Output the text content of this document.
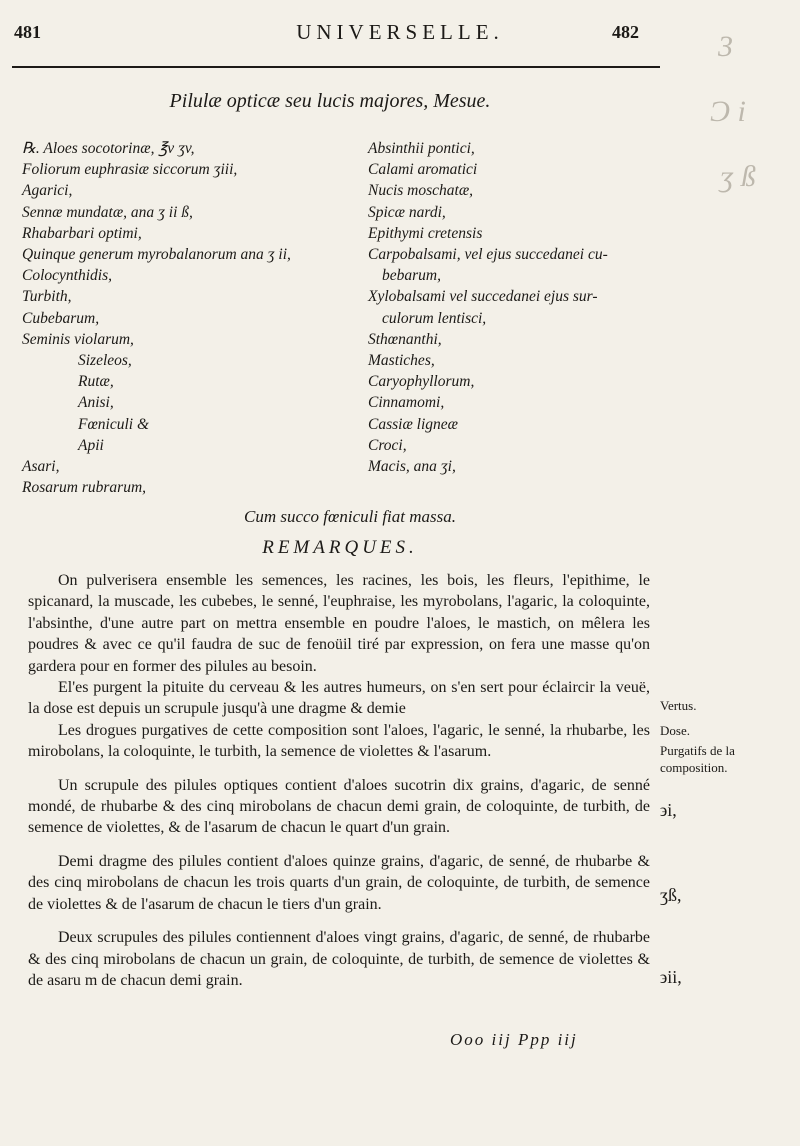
3
Ɔ i
ʒ ß
481	UNIVERSELLE.	482
Pilulæ opticæ seu lucis majores, Mesue.
℞. Aloes socotorinæ, ℥v ʒv,
Foliorum euphrasiæ siccorum ʒiii,
Agarici,
Sennæ mundatæ, ana ʒ ii ß,
Rhabarbari optimi,
Quinque generum myrobalanorum ana ʒ ii,
Colocynthidis,
Turbith,
Cubebarum,
Seminis violarum,
Sizeleos,
Rutæ,
Anisi,
Fœniculi &
Apii
Asari,
Rosarum rubrarum,
Absinthii pontici,
Calami aromatici
Nucis moschatæ,
Spicæ nardi,
Epithymi cretensis
Carpobalsami, vel ejus succedanei cu-
bebarum,
Xylobalsami vel succedanei ejus sur-
culorum lentisci,
Sthœnanthi,
Mastiches,
Caryophyllorum,
Cinnamomi,
Cassiæ ligneæ
Croci,
Macis, ana ʒi,
Cum succo fœniculi fiat massa.
REMARQUES.

On pulverisera ensemble les semences, les racines, les bois, les fleurs, l'epithime, le spicanard, la muscade, les cubebes, le senné, l'euphraise, les myrobolans, l'agaric, la coloquinte, l'absinthe, d'une autre part on mettra ensemble en poudre l'aloes, le mastich, on mêlera les poudres & avec ce qu'il faudra de suc de fenoüil tiré par expression, on fera une masse qu'on gardera pour en former des pilules au besoin.

El'es purgent la pituite du cerveau & les autres humeurs, on s'en sert pour éclaircir la veuë, la dose est depuis un scrupule jusqu'à une dragme & demie

Les drogues purgatives de cette composition sont l'aloes, l'agaric, le senné, la rhubarbe, les mirobolans, la coloquinte, le turbith, la semence de violettes & l'asarum.

Un scrupule des pilules optiques contient d'aloes sucotrin dix grains, d'agaric, de senné mondé, de rhubarbe & des cinq mirobolans de chacun demi grain, de coloquinte, de turbith, de semence de violettes, & de l'asarum de chacun le quart d'un grain.

Demi dragme des pilules contient d'aloes quinze grains, d'agaric, de senné, de rhubarbe & des cinq mirobolans de chacun les trois quarts d'un grain, de coloquinte, de turbith, de semence de violettes & de l'asarum de chacun le tiers d'un grain.

Deux scrupules des pilules contiennent d'aloes vingt grains, d'agaric, de senné, de rhubarbe & des cinq mirobolans de chacun un grain, de coloquinte, de turbith, de semence de violettes & de asaru m de chacun demi grain.

Vertus.
Dose.
Purgatifs de la composition.
϶i,
ʒß,
϶ii,
Ooo iij Ppp iij
